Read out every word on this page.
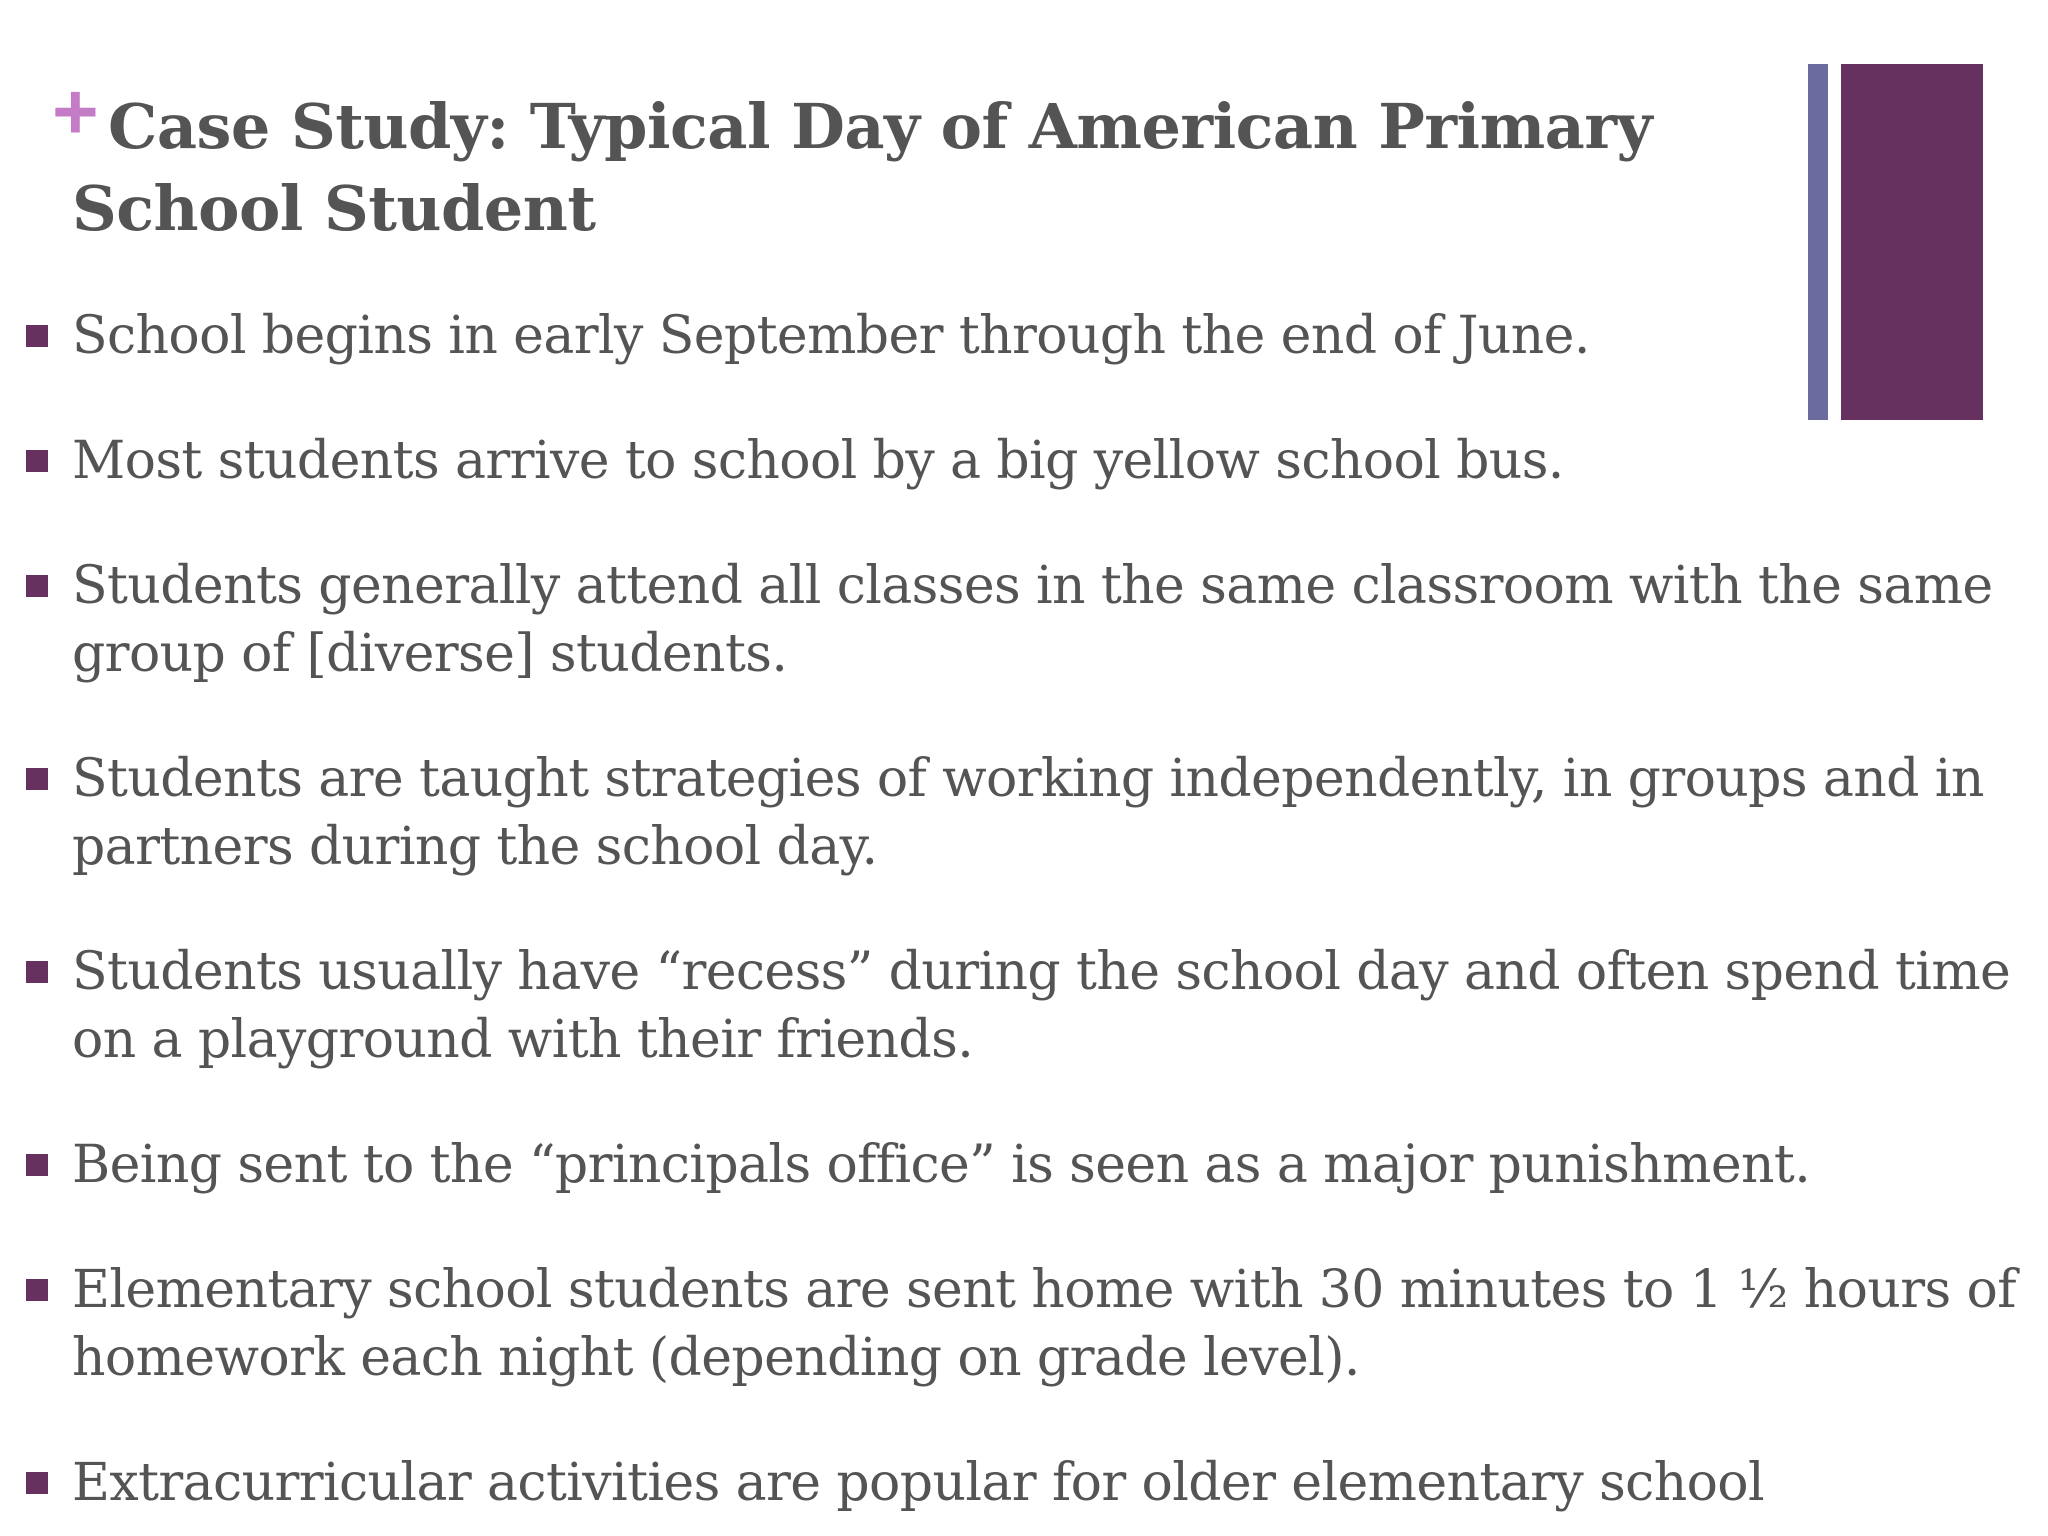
+ Case Study: Typical Day of American Primary
School Student
School begins in early September through the end of June.
Most students arrive to school by a big yellow school bus.
Students generally attend all classes in the same classroom with the same group of [diverse] students.
Students are taught strategies of working independently, in groups and in partners during the school day.
Students usually have “recess” during the school day and often spend time on a playground with their friends.
Being sent to the “principals office” is seen as a major punishment.
Elementary school students are sent home with 30 minutes to 1 ½ hours of homework each night (depending on grade level).
Extracurricular activities are popular for older elementary school
